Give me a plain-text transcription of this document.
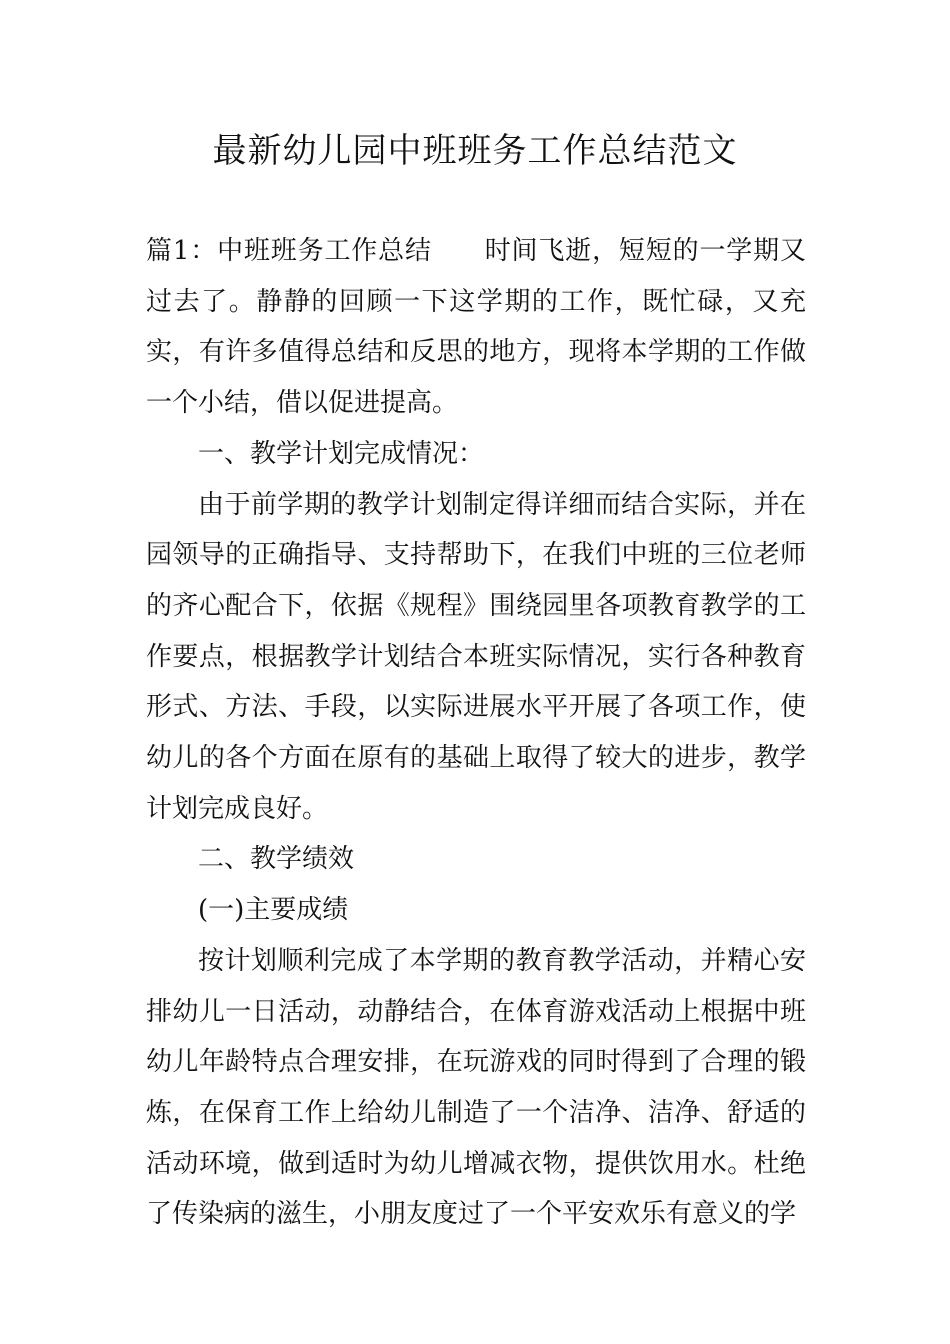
最新幼儿园中班班务工作总结范文

篇1：中班班务工作总结 时间飞逝，短短的一学期又过去了。静静的回顾一下这学期的工作，既忙碌，又充实，有许多值得总结和反思的地方，现将本学期的工作做一个小结，借以促进提高。

一、教学计划完成情况：

由于前学期的教学计划制定得详细而结合实际，并在园领导的正确指导、支持帮助下，在我们中班的三位老师的齐心配合下，依据《规程》围绕园里各项教育教学的工作要点，根据教学计划结合本班实际情况，实行各种教育形式、方法、手段，以实际进展水平开展了各项工作，使幼儿的各个方面在原有的基础上取得了较大的进步，教学计划完成良好。

二、教学绩效

(一)主要成绩

按计划顺利完成了本学期的教育教学活动，并精心安排幼儿一日活动，动静结合，在体育游戏活动上根据中班幼儿年龄特点合理安排，在玩游戏的同时得到了合理的锻炼，在保育工作上给幼儿制造了一个洁净、洁净、舒适的活动环境，做到适时为幼儿增减衣物，提供饮用水。杜绝了传染病的滋生，小朋友度过了一个平安欢乐有意义的学
